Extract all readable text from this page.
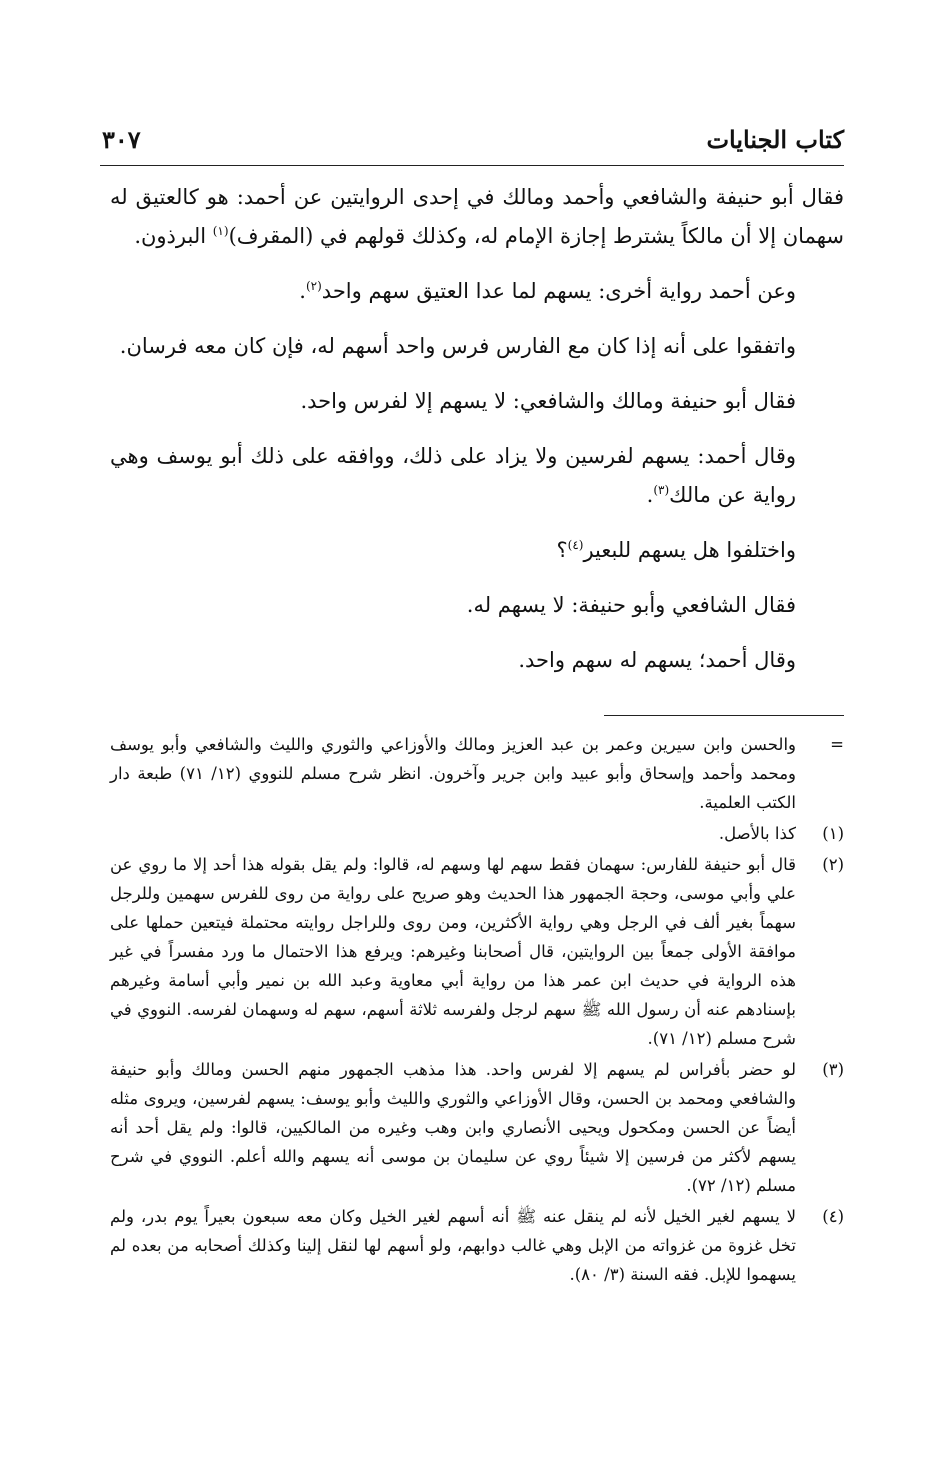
كتاب الجنايات
٣٠٧

فقال أبو حنيفة والشافعي وأحمد ومالك في إحدى الروايتين عن أحمد: هو كالعتيق له سهمان إلا أن مالكاً يشترط إجازة الإمام له، وكذلك قولهم في (المقرف)$^{(١)}$ البرذون.

وعن أحمد رواية أخرى: يسهم لما عدا العتيق سهم واحد$^{(٢)}$.

واتفقوا على أنه إذا كان مع الفارس فرس واحد أسهم له، فإن كان معه فرسان.

فقال أبو حنيفة ومالك والشافعي: لا يسهم إلا لفرس واحد.

وقال أحمد: يسهم لفرسين ولا يزاد على ذلك، ووافقه على ذلك أبو يوسف وهي رواية عن مالك$^{(٣)}$.

واختلفوا هل يسهم للبعير$^{(٤)}$؟

فقال الشافعي وأبو حنيفة: لا يسهم له.

وقال أحمد؛ يسهم له سهم واحد.

=
والحسن وابن سيرين وعمر بن عبد العزيز ومالك والأوزاعي والثوري والليث والشافعي وأبو يوسف ومحمد وأحمد وإسحاق وأبو عبيد وابن جرير وآخرون. انظر شرح مسلم للنووي (١٢/ ٧١) طبعة دار الكتب العلمية.
(١)
كذا بالأصل.
(٢)
قال أبو حنيفة للفارس: سهمان فقط سهم لها وسهم له، قالوا: ولم يقل بقوله هذا أحد إلا ما روي عن علي وأبي موسى، وحجة الجمهور هذا الحديث وهو صريح على رواية من روى للفرس سهمين وللرجل سهماً بغير ألف في الرجل وهي رواية الأكثرين، ومن روى وللراجل روايته محتملة فيتعين حملها على موافقة الأولى جمعاً بين الروايتين، قال أصحابنا وغيرهم: ويرفع هذا الاحتمال ما ورد مفسراً في غير هذه الرواية في حديث ابن عمر هذا من رواية أبي معاوية وعبد الله بن نمير وأبي أسامة وغيرهم بإسنادهم عنه أن رسول الله ﷺ سهم لرجل ولفرسه ثلاثة أسهم، سهم له وسهمان لفرسه. النووي في شرح مسلم (١٢/ ٧١).
(٣)
لو حضر بأفراس لم يسهم إلا لفرس واحد. هذا مذهب الجمهور منهم الحسن ومالك وأبو حنيفة والشافعي ومحمد بن الحسن، وقال الأوزاعي والثوري والليث وأبو يوسف: يسهم لفرسين، ويروى مثله أيضاً عن الحسن ومكحول ويحيى الأنصاري وابن وهب وغيره من المالكيين، قالوا: ولم يقل أحد أنه يسهم لأكثر من فرسين إلا شيئاً روي عن سليمان بن موسى أنه يسهم والله أعلم. النووي في شرح مسلم (١٢/ ٧٢).
(٤)
لا يسهم لغير الخيل لأنه لم ينقل عنه ﷺ أنه أسهم لغير الخيل وكان معه سبعون بعيراً يوم بدر، ولم تخل غزوة من غزواته من الإبل وهي غالب دوابهم، ولو أسهم لها لنقل إلينا وكذلك أصحابه من بعده لم يسهموا للإبل. فقه السنة (٣/ ٨٠).
